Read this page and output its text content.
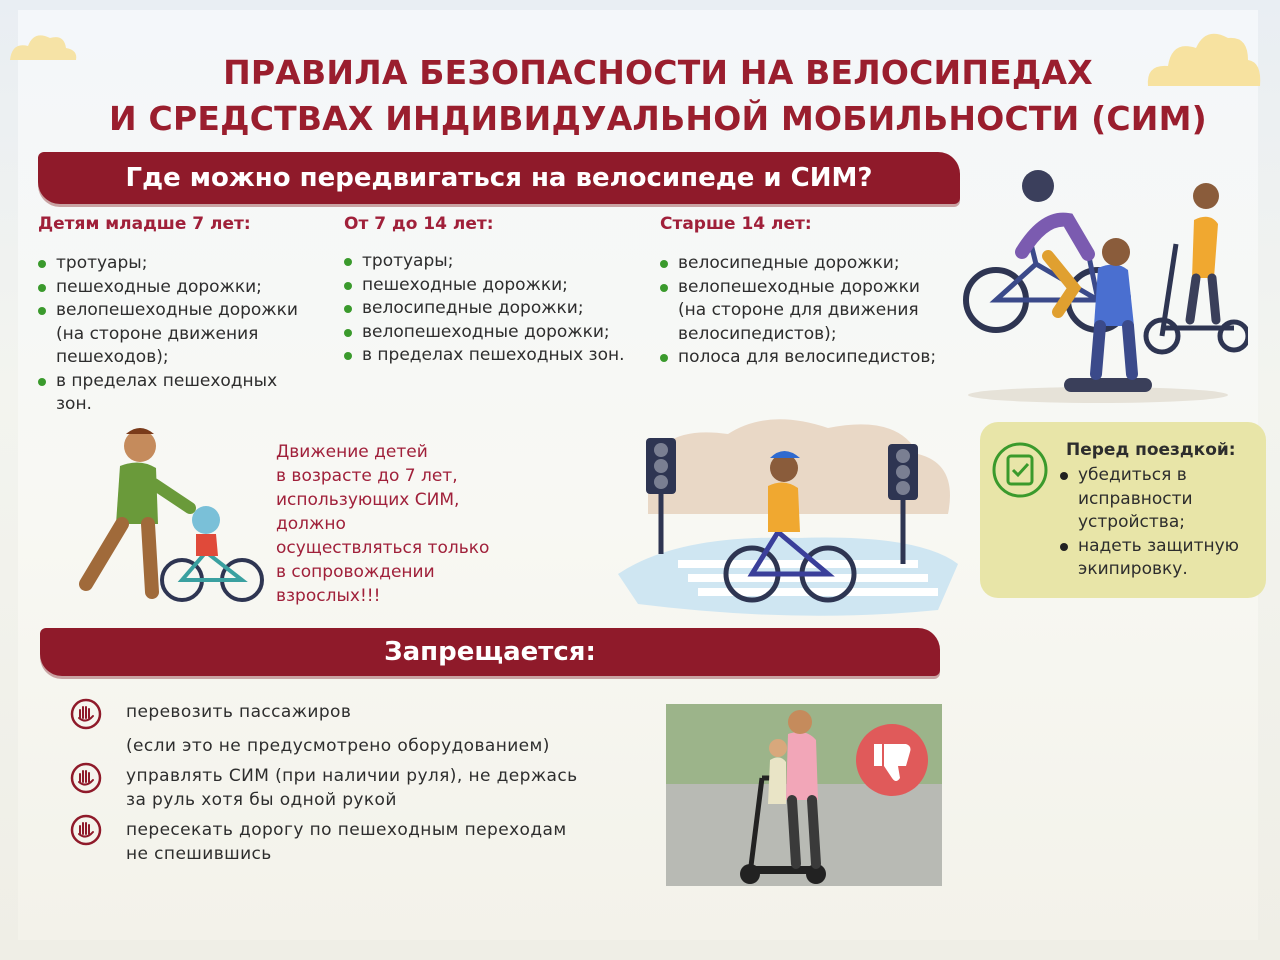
ПРАВИЛА БЕЗОПАСНОСТИ НА ВЕЛОСИПЕДАХ
И СРЕДСТВАХ ИНДИВИДУАЛЬНОЙ МОБИЛЬНОСТИ (СИМ)
Где можно передвигаться на велосипеде и СИМ?
Детям младше 7 лет:
тротуары;
пешеходные дорожки;
велопешеходные дорожки (на стороне движения пешеходов);
в пределах пешеходных зон.
От 7 до 14 лет:
тротуары;
пешеходные дорожки;
велосипедные дорожки;
велопешеходные дорожки;
в пределах пешеходных зон.
Старше 14 лет:
велосипедные дорожки;
велопешеходные дорожки (на стороне для движения велосипедистов);
полоса для велосипедистов;
Движение детей
в возрасте до 7 лет,
использующих СИМ,
должно
осуществляться только
в сопровождении
взрослых!!!
Перед поездкой:
убедиться в исправности устройства;
надеть защитную экипировку.
Запрещается:
перевозить пассажиров
(если это не предусмотрено оборудованием)
управлять СИМ (при наличии руля), не держась
за руль хотя бы одной рукой
пересекать дорогу по пешеходным переходам
не спешившись
